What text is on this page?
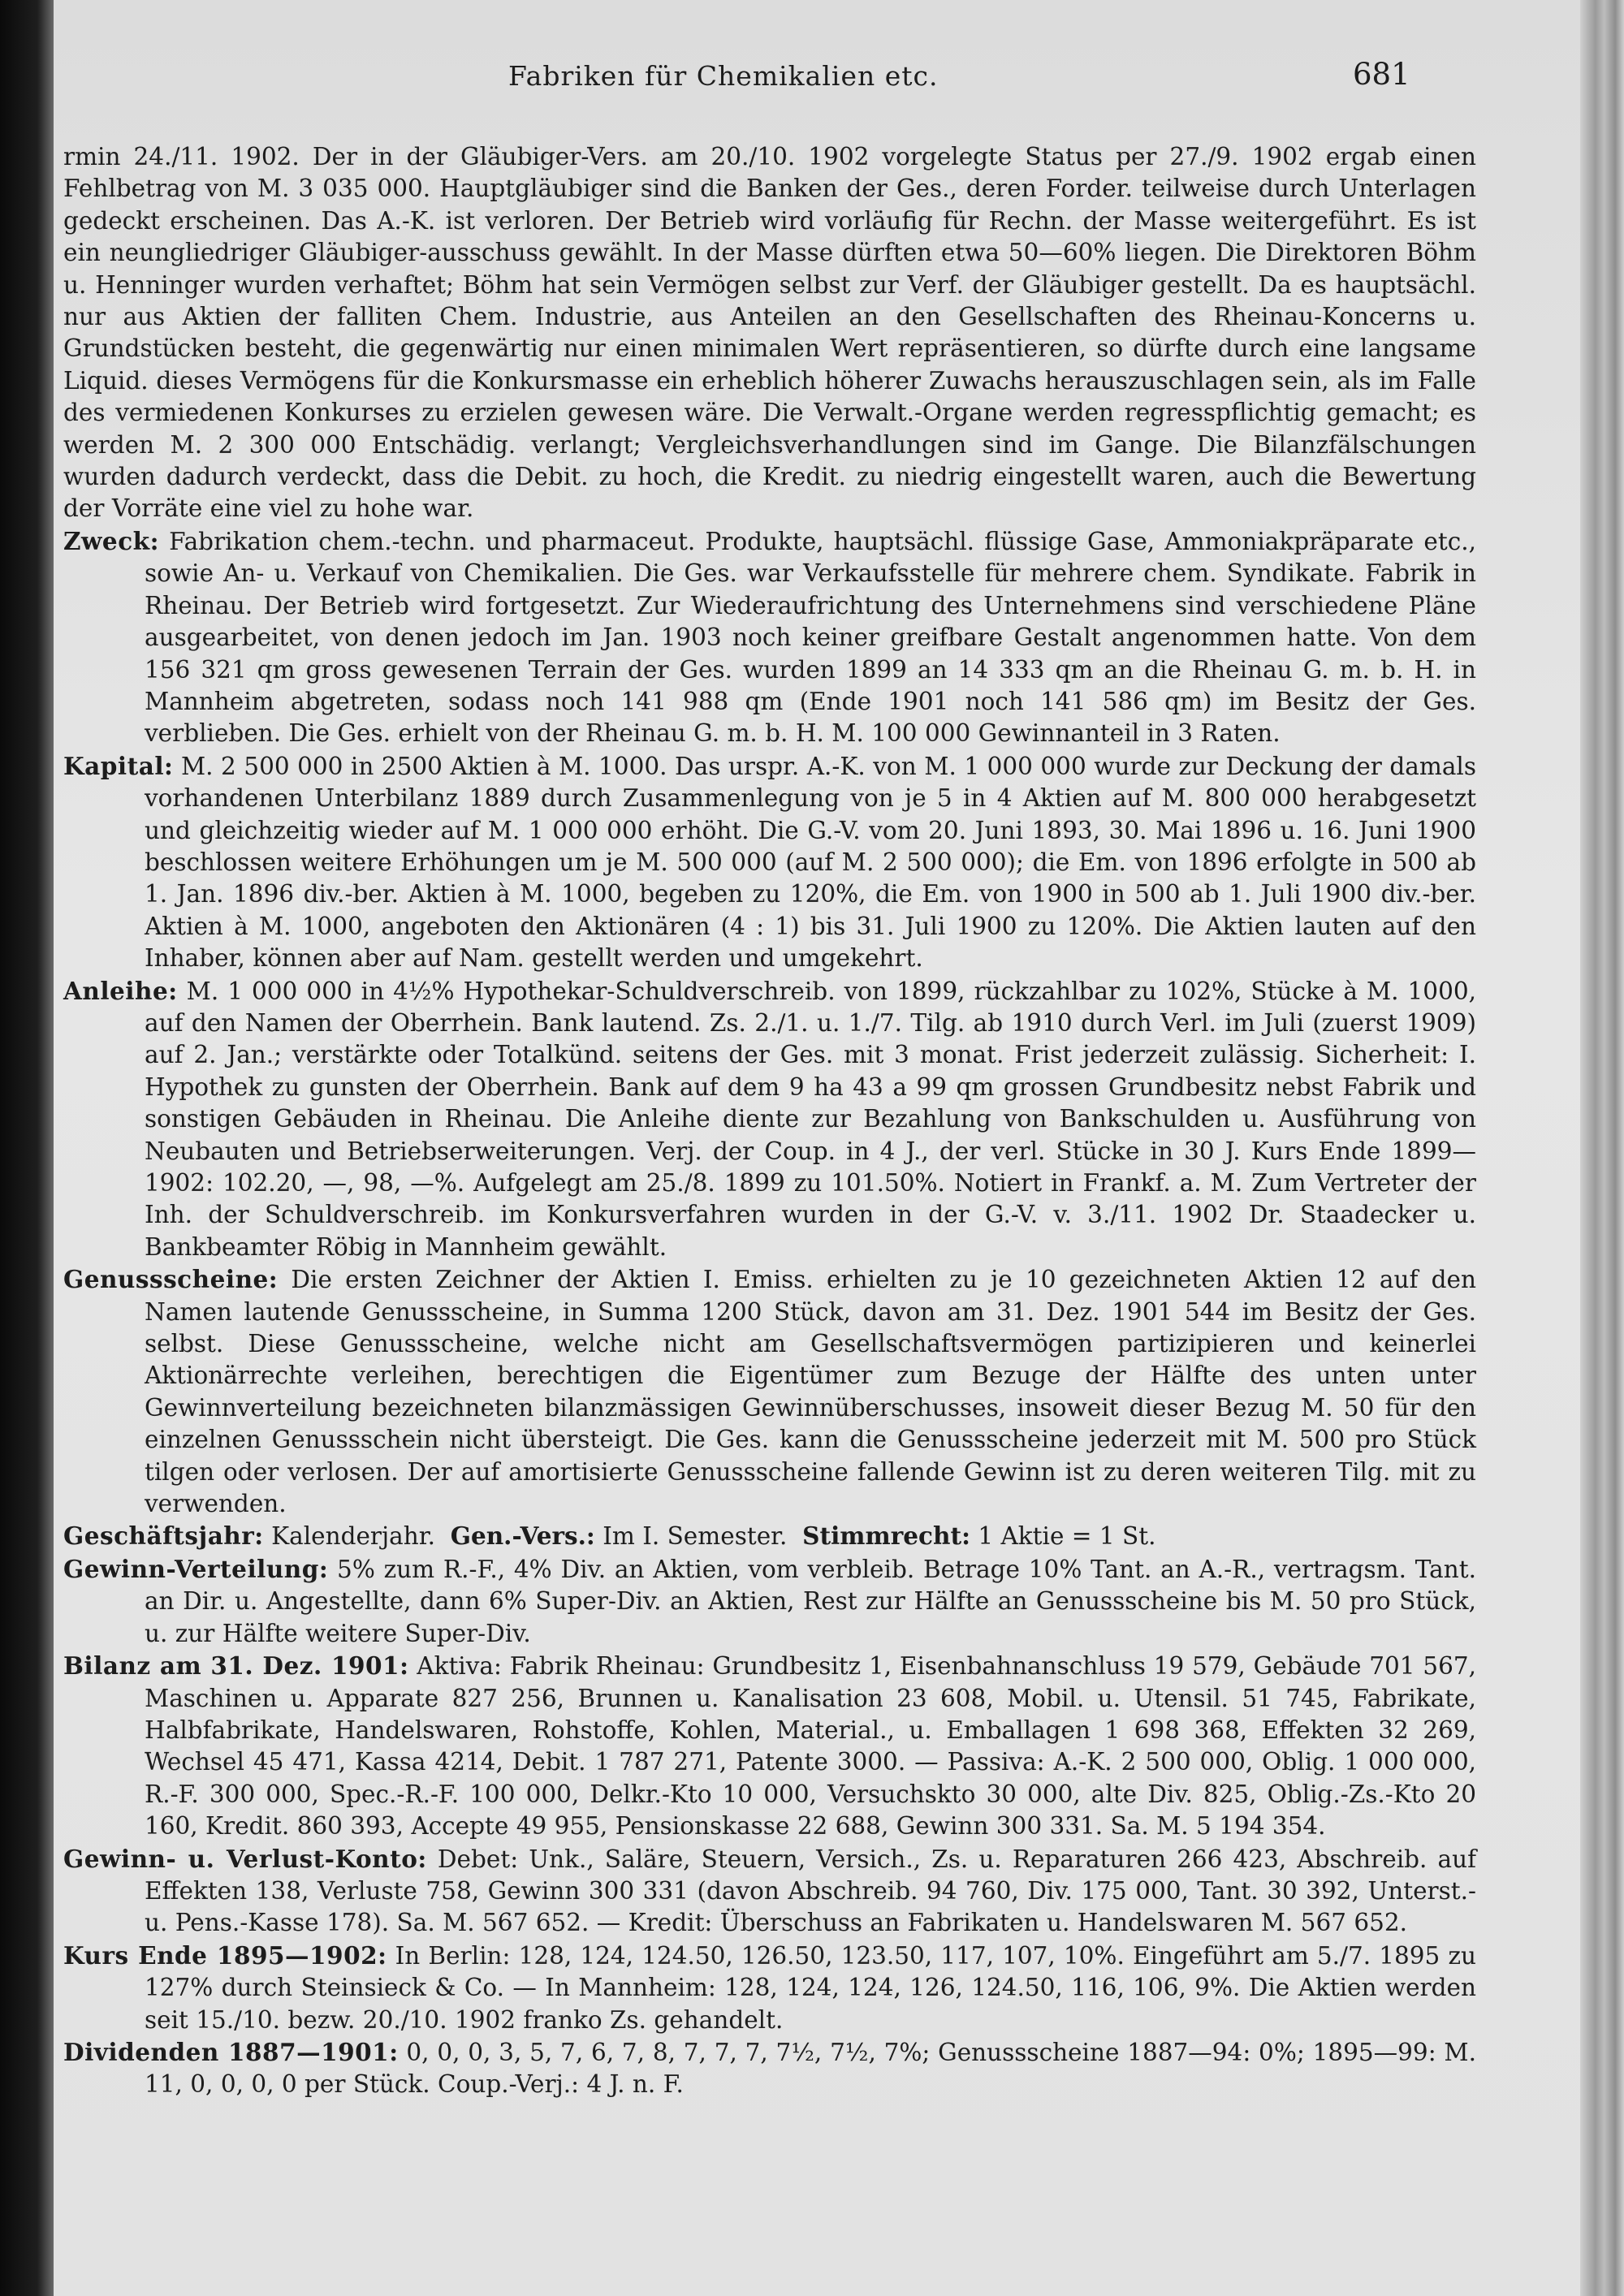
Fabriken für Chemikalien etc.	681

rmin 24./11. 1902. Der in der Gläubiger-Vers. am 20./10. 1902 vorgelegte Status per 27./9. 1902 ergab einen Fehlbetrag von M. 3 035 000. Hauptgläubiger sind die Banken der Ges., deren Forder. teilweise durch Unterlagen gedeckt erscheinen. Das A.-K. ist verloren. Der Betrieb wird vorläufig für Rechn. der Masse weitergeführt. Es ist ein neungliedriger Gläubiger-ausschuss gewählt. In der Masse dürften etwa 50—60% liegen. Die Direktoren Böhm u. Henninger wurden verhaftet; Böhm hat sein Vermögen selbst zur Verf. der Gläubiger gestellt. Da es hauptsächl. nur aus Aktien der falliten Chem. Industrie, aus Anteilen an den Gesellschaften des Rheinau-Koncerns u. Grundstücken besteht, die gegenwärtig nur einen minimalen Wert repräsentieren, so dürfte durch eine langsame Liquid. dieses Vermögens für die Konkursmasse ein erheblich höherer Zuwachs herauszuschlagen sein, als im Falle des vermiedenen Konkurses zu erzielen gewesen wäre. Die Verwalt.-Organe werden regresspflichtig gemacht; es werden M. 2 300 000 Entschädig. verlangt; Vergleichsverhandlungen sind im Gange. Die Bilanzfälschungen wurden dadurch verdeckt, dass die Debit. zu hoch, die Kredit. zu niedrig eingestellt waren, auch die Bewertung der Vorräte eine viel zu hohe war.

Zweck: Fabrikation chem.-techn. und pharmaceut. Produkte, hauptsächl. flüssige Gase, Ammoniakpräparate etc., sowie An- u. Verkauf von Chemikalien. Die Ges. war Verkaufsstelle für mehrere chem. Syndikate. Fabrik in Rheinau. Der Betrieb wird fortgesetzt. Zur Wiederaufrichtung des Unternehmens sind verschiedene Pläne ausgearbeitet, von denen jedoch im Jan. 1903 noch keiner greifbare Gestalt angenommen hatte. Von dem 156 321 qm gross gewesenen Terrain der Ges. wurden 1899 an 14 333 qm an die Rheinau G. m. b. H. in Mannheim abgetreten, sodass noch 141 988 qm (Ende 1901 noch 141 586 qm) im Besitz der Ges. verblieben. Die Ges. erhielt von der Rheinau G. m. b. H. M. 100 000 Gewinnanteil in 3 Raten.

Kapital: M. 2 500 000 in 2500 Aktien à M. 1000. Das urspr. A.-K. von M. 1 000 000 wurde zur Deckung der damals vorhandenen Unterbilanz 1889 durch Zusammenlegung von je 5 in 4 Aktien auf M. 800 000 herabgesetzt und gleichzeitig wieder auf M. 1 000 000 erhöht. Die G.-V. vom 20. Juni 1893, 30. Mai 1896 u. 16. Juni 1900 beschlossen weitere Erhöhungen um je M. 500 000 (auf M. 2 500 000); die Em. von 1896 erfolgte in 500 ab 1. Jan. 1896 div.-ber. Aktien à M. 1000, begeben zu 120%, die Em. von 1900 in 500 ab 1. Juli 1900 div.-ber. Aktien à M. 1000, angeboten den Aktionären (4 : 1) bis 31. Juli 1900 zu 120%. Die Aktien lauten auf den Inhaber, können aber auf Nam. gestellt werden und umgekehrt.

Anleihe: M. 1 000 000 in 4½% Hypothekar-Schuldverschreib. von 1899, rückzahlbar zu 102%, Stücke à M. 1000, auf den Namen der Oberrhein. Bank lautend. Zs. 2./1. u. 1./7. Tilg. ab 1910 durch Verl. im Juli (zuerst 1909) auf 2. Jan.; verstärkte oder Totalkünd. seitens der Ges. mit 3 monat. Frist jederzeit zulässig. Sicherheit: I. Hypothek zu gunsten der Oberrhein. Bank auf dem 9 ha 43 a 99 qm grossen Grundbesitz nebst Fabrik und sonstigen Gebäuden in Rheinau. Die Anleihe diente zur Bezahlung von Bankschulden u. Ausführung von Neubauten und Betriebserweiterungen. Verj. der Coup. in 4 J., der verl. Stücke in 30 J. Kurs Ende 1899—1902: 102.20, —, 98, —%. Aufgelegt am 25./8. 1899 zu 101.50%. Notiert in Frankf. a. M. Zum Vertreter der Inh. der Schuldverschreib. im Konkursverfahren wurden in der G.-V. v. 3./11. 1902 Dr. Staadecker u. Bankbeamter Röbig in Mannheim gewählt.

Genussscheine: Die ersten Zeichner der Aktien I. Emiss. erhielten zu je 10 gezeichneten Aktien 12 auf den Namen lautende Genussscheine, in Summa 1200 Stück, davon am 31. Dez. 1901 544 im Besitz der Ges. selbst. Diese Genussscheine, welche nicht am Gesellschaftsvermögen partizipieren und keinerlei Aktionärrechte verleihen, berechtigen die Eigentümer zum Bezuge der Hälfte des unten unter Gewinnverteilung bezeichneten bilanzmässigen Gewinnüberschusses, insoweit dieser Bezug M. 50 für den einzelnen Genussschein nicht übersteigt. Die Ges. kann die Genussscheine jederzeit mit M. 500 pro Stück tilgen oder verlosen. Der auf amortisierte Genussscheine fallende Gewinn ist zu deren weiteren Tilg. mit zu verwenden.

Geschäftsjahr: Kalenderjahr. Gen.-Vers.: Im I. Semester. Stimmrecht: 1 Aktie = 1 St.

Gewinn-Verteilung: 5% zum R.-F., 4% Div. an Aktien, vom verbleib. Betrage 10% Tant. an A.-R., vertragsm. Tant. an Dir. u. Angestellte, dann 6% Super-Div. an Aktien, Rest zur Hälfte an Genussscheine bis M. 50 pro Stück, u. zur Hälfte weitere Super-Div.

Bilanz am 31. Dez. 1901: Aktiva: Fabrik Rheinau: Grundbesitz 1, Eisenbahnanschluss 19 579, Gebäude 701 567, Maschinen u. Apparate 827 256, Brunnen u. Kanalisation 23 608, Mobil. u. Utensil. 51 745, Fabrikate, Halbfabrikate, Handelswaren, Rohstoffe, Kohlen, Material., u. Emballagen 1 698 368, Effekten 32 269, Wechsel 45 471, Kassa 4214, Debit. 1 787 271, Patente 3000. — Passiva: A.-K. 2 500 000, Oblig. 1 000 000, R.-F. 300 000, Spec.-R.-F. 100 000, Delkr.-Kto 10 000, Versuchskto 30 000, alte Div. 825, Oblig.-Zs.-Kto 20 160, Kredit. 860 393, Accepte 49 955, Pensionskasse 22 688, Gewinn 300 331. Sa. M. 5 194 354.

Gewinn- u. Verlust-Konto: Debet: Unk., Saläre, Steuern, Versich., Zs. u. Reparaturen 266 423, Abschreib. auf Effekten 138, Verluste 758, Gewinn 300 331 (davon Abschreib. 94 760, Div. 175 000, Tant. 30 392, Unterst.- u. Pens.-Kasse 178). Sa. M. 567 652. — Kredit: Überschuss an Fabrikaten u. Handelswaren M. 567 652.

Kurs Ende 1895—1902: In Berlin: 128, 124, 124.50, 126.50, 123.50, 117, 107, 10%. Eingeführt am 5./7. 1895 zu 127% durch Steinsieck & Co. — In Mannheim: 128, 124, 124, 126, 124.50, 116, 106, 9%. Die Aktien werden seit 15./10. bezw. 20./10. 1902 franko Zs. gehandelt.

Dividenden 1887—1901: 0, 0, 0, 3, 5, 7, 6, 7, 8, 7, 7, 7, 7½, 7½, 7%; Genussscheine 1887—94: 0%; 1895—99: M. 11, 0, 0, 0, 0 per Stück. Coup.-Verj.: 4 J. n. F.
